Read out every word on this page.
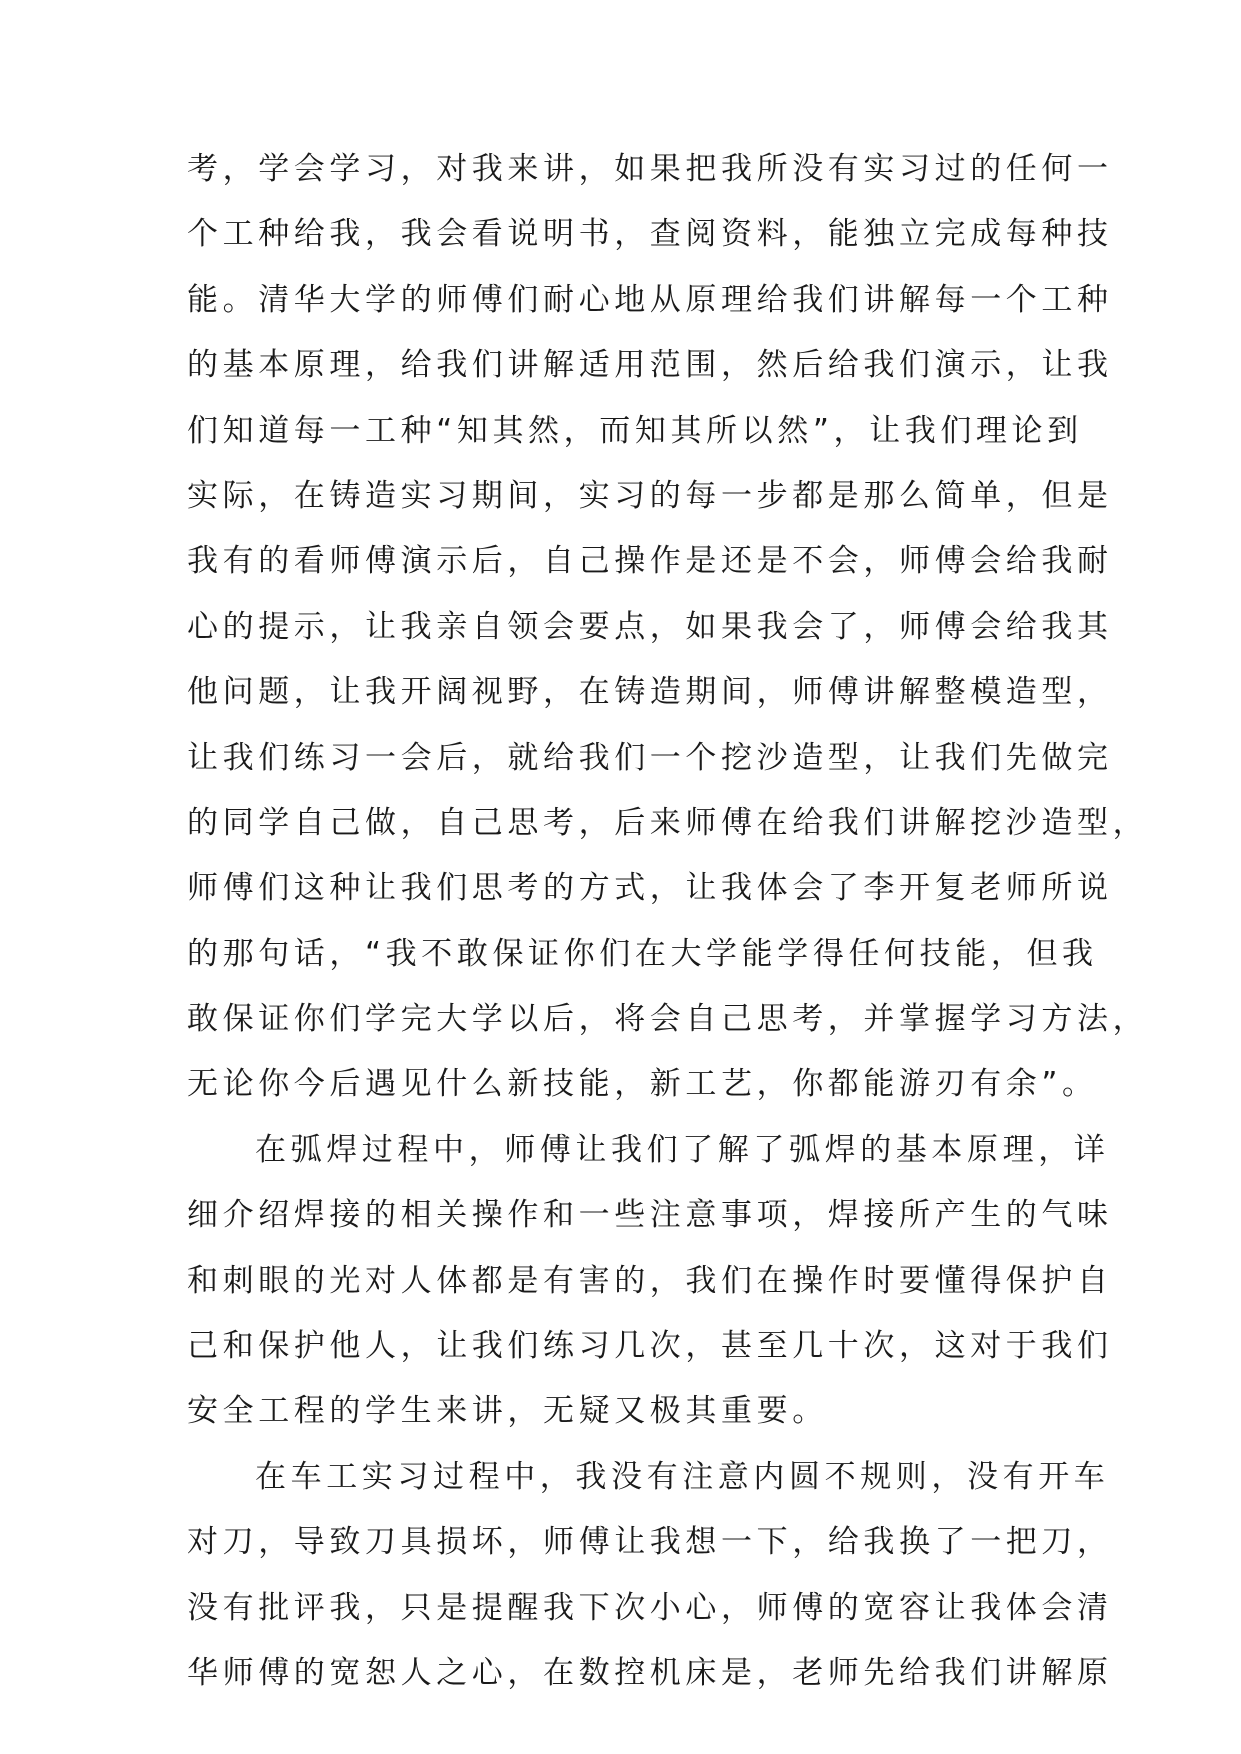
考，学会学习，对我来讲，如果把我所没有实习过的任何一
个工种给我，我会看说明书，查阅资料，能独立完成每种技
能。清华大学的师傅们耐心地从原理给我们讲解每一个工种
的基本原理，给我们讲解适用范围，然后给我们演示，让我
们知道每一工种“知其然，而知其所以然”，让我们理论到
实际，在铸造实习期间，实习的每一步都是那么简单，但是
我有的看师傅演示后，自己操作是还是不会，师傅会给我耐
心的提示，让我亲自领会要点，如果我会了，师傅会给我其
他问题，让我开阔视野，在铸造期间，师傅讲解整模造型，
让我们练习一会后，就给我们一个挖沙造型，让我们先做完
的同学自己做，自己思考，后来师傅在给我们讲解挖沙造型，
师傅们这种让我们思考的方式，让我体会了李开复老师所说
的那句话，“我不敢保证你们在大学能学得任何技能，但我
敢保证你们学完大学以后，将会自己思考，并掌握学习方法，
无论你今后遇见什么新技能，新工艺，你都能游刃有余”。
在弧焊过程中，师傅让我们了解了弧焊的基本原理，详
细介绍焊接的相关操作和一些注意事项，焊接所产生的气味
和刺眼的光对人体都是有害的，我们在操作时要懂得保护自
己和保护他人，让我们练习几次，甚至几十次，这对于我们
安全工程的学生来讲，无疑又极其重要。
在车工实习过程中，我没有注意内圆不规则，没有开车
对刀，导致刀具损坏，师傅让我想一下，给我换了一把刀，
没有批评我，只是提醒我下次小心，师傅的宽容让我体会清
华师傅的宽恕人之心，在数控机床是，老师先给我们讲解原
